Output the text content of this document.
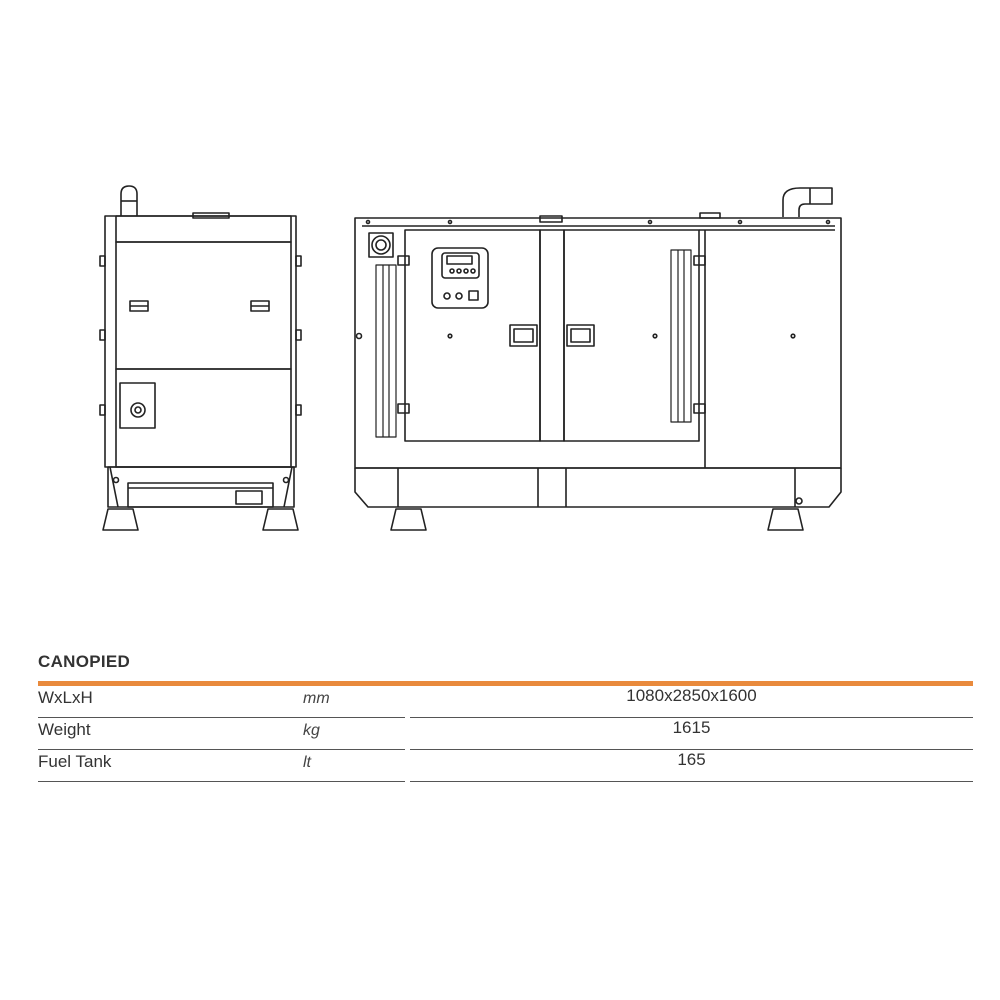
CANOPIED
WxLxH	mm	1080x2850x1600
Weight	kg	1615
Fuel Tank	lt	165
